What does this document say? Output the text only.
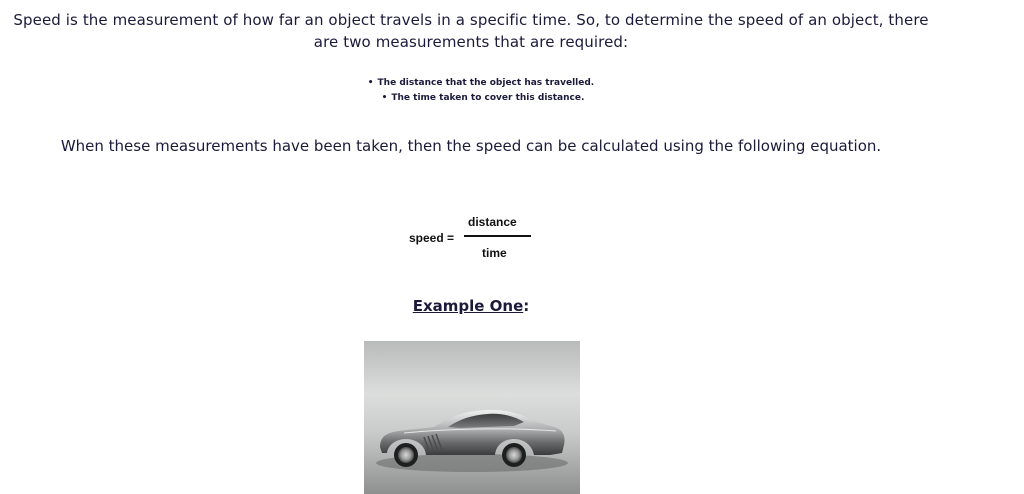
Speed is the measurement of how far an object travels in a specific time. So, to determine the speed of an object, there are two measurements that are required:

• The distance that the object has travelled.
• The time taken to cover this distance.

When these measurements have been taken, then the speed can be calculated using the following equation.

speed =
distance
time
Example One:
